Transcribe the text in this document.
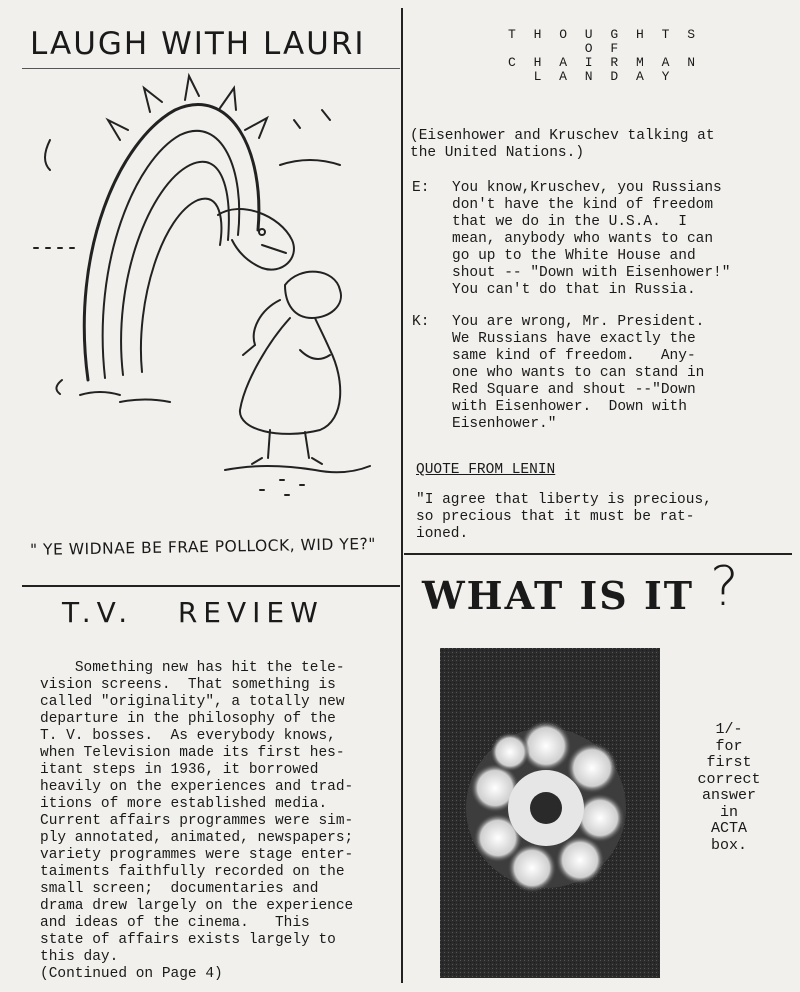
LAUGH WITH LAURI
" YE WIDNAE BE FRAE POLLOCK, WID YE?"
T H O U G H T S
O F
C H A I R M A N
L A N D A Y
(Eisenhower and Kruschev talking at
the United Nations.)
E: You know,Kruschev, you Russians
don't have the kind of freedom
that we do in the U.S.A.  I
mean, anybody who wants to can
go up to the White House and
shout -- "Down with Eisenhower!"
You can't do that in Russia.
K: You are wrong, Mr. President.
We Russians have exactly the
same kind of freedom.   Any-
one who wants to can stand in
Red Square and shout --"Down
with Eisenhower.  Down with
Eisenhower."
QUOTE FROM LENIN
"I agree that liberty is precious,
so precious that it must be rat-
ioned.
T.V.   REVIEW
Something new has hit the tele-
vision screens.  That something is
called "originality", a totally new
departure in the philosophy of the
T. V. bosses.  As everybody knows,
when Television made its first hes-
itant steps in 1936, it borrowed
heavily on the experiences and trad-
itions of more established media.
Current affairs programmes were sim-
ply annotated, animated, newspapers;
variety programmes were stage enter-
taiments faithfully recorded on the
small screen;  documentaries and
drama drew largely on the experience
and ideas of the cinema.   This
state of affairs exists largely to
this day.
(Continued on Page 4)
WHAT IS IT ?
1/-
for
first
correct
answer
in
ACTA
box.
